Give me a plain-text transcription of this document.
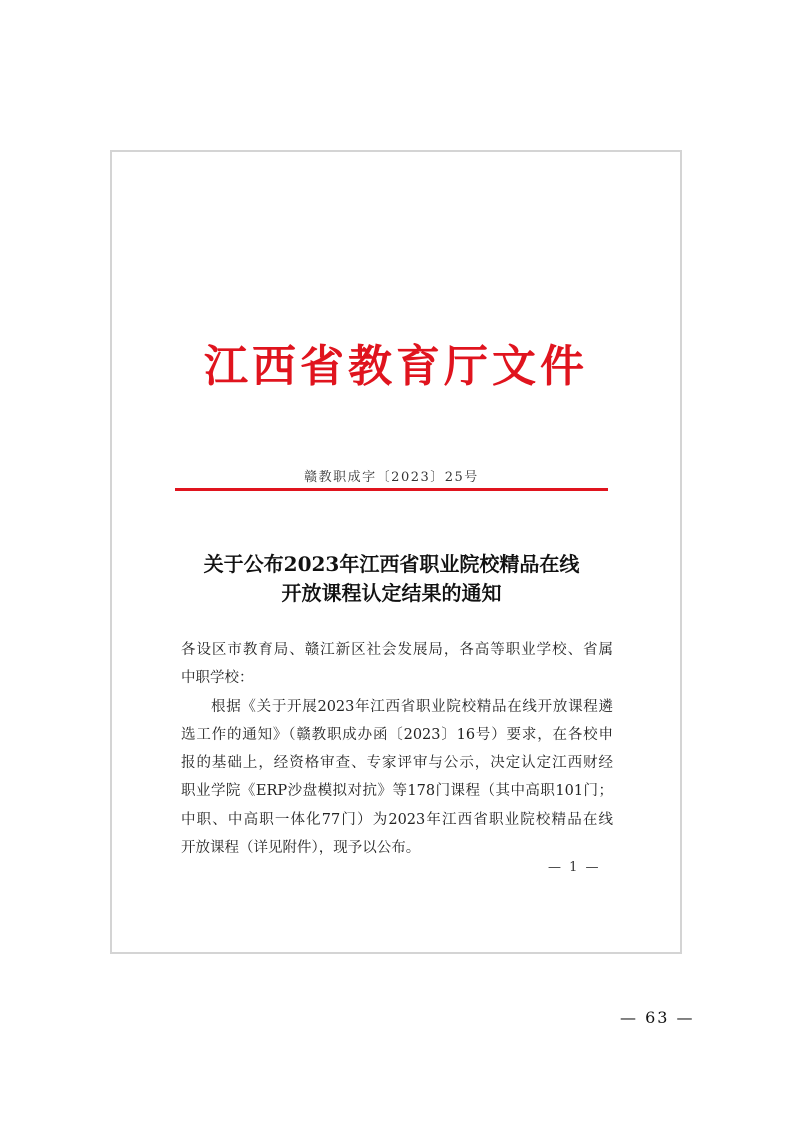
江西省教育厅文件
赣教职成字〔2023〕25号
关于公布2023年江西省职业院校精品在线
开放课程认定结果的通知
各设区市教育局、赣江新区社会发展局，各高等职业学校、省属
中职学校：
根据《关于开展2023年江西省职业院校精品在线开放课程遴
选工作的通知》（赣教职成办函〔2023〕16号）要求，在各校申
报的基础上，经资格审查、专家评审与公示，决定认定江西财经
职业学院《ERP沙盘模拟对抗》等178门课程（其中高职101门；
中职、中高职一体化77门）为2023年江西省职业院校精品在线
开放课程（详见附件），现予以公布。
— 1 —
— 63 —
